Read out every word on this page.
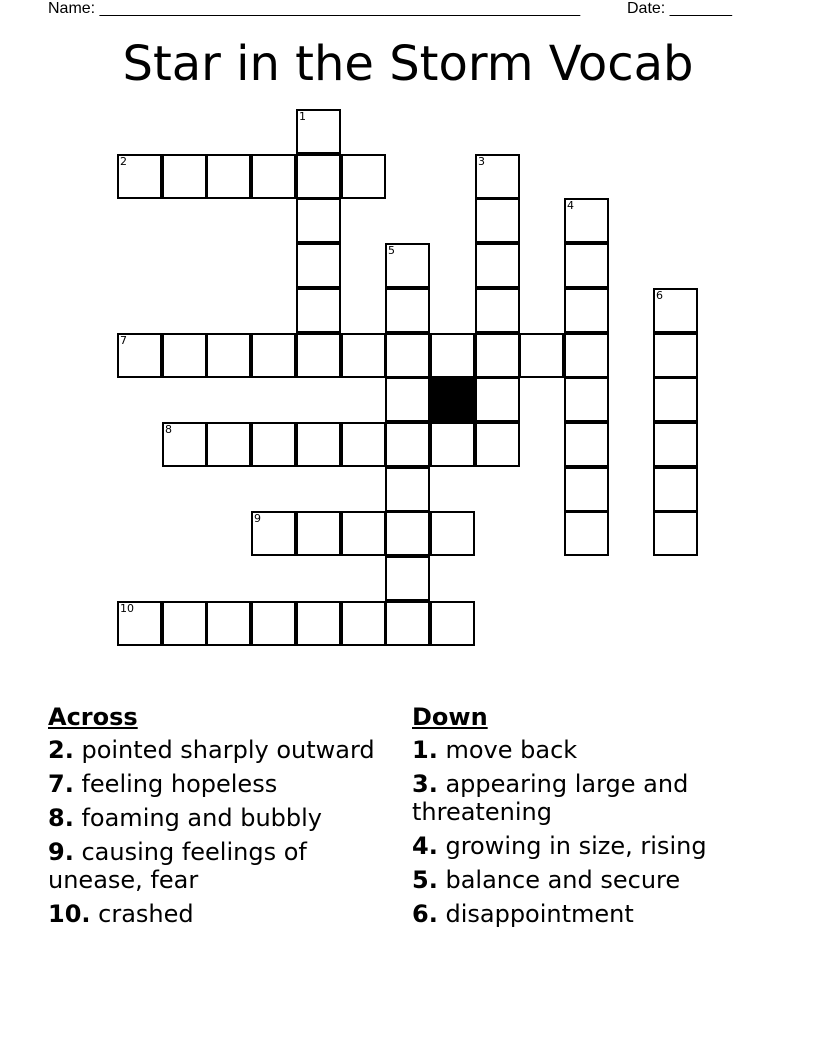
Name: ______________________________________________________	Date: _______
Star in the Storm Vocab
1
2	3
4
5
6
7
8
9
10
Across
2. pointed sharply outward
7. feeling hopeless
8. foaming and bubbly
9. causing feelings of unease, fear
10. crashed
Down
1. move back
3. appearing large and threatening
4. growing in size, rising
5. balance and secure
6. disappointment
